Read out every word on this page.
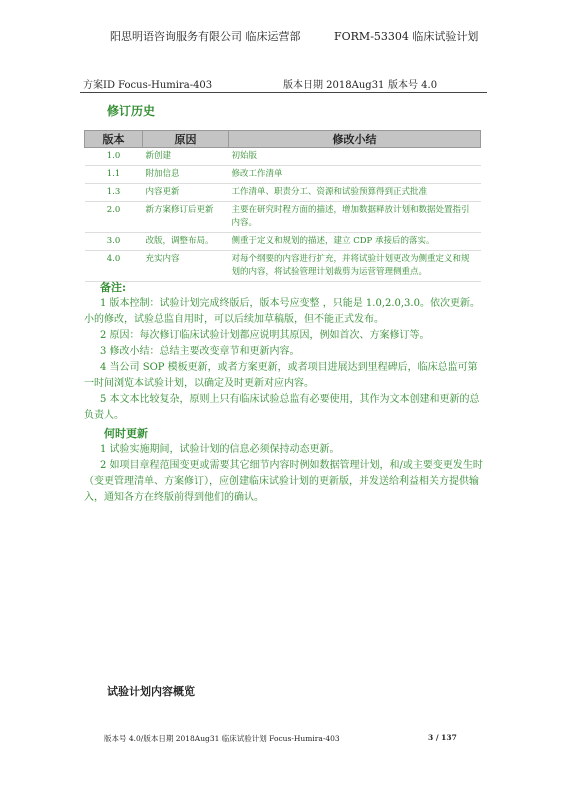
阳思明语咨询服务有限公司 临床运营部	FORM-53304 临床试验计划
方案ID Focus-Humira-403	版本日期 2018Aug31 版本号 4.0
修订历史
版本	原因	修改小结
1.0	新创建	初始版
1.1	附加信息	修改工作清单
1.3	内容更新	工作清单、职责分工、资源和试验预算得到正式批准
2.0	新方案修订后更新	主要在研究时程方面的描述，增加数据释放计划和数据处置指引内容。
3.0	改版，调整布局。	侧重于定义和规划的描述，建立 CDP 承接后的落实。
4.0	充实内容	对每个纲要的内容进行扩充，并将试验计划更改为侧重定义和规划的内容，将试验管理计划裁剪为运营管理侧重点。
备注:

1 版本控制：试验计划完成终版后，版本号应变整 ，只能是 1.0,2.0,3.0。依次更新。小的修改，试验总监自用时，可以后续加草稿版，但不能正式发布。

2 原因：每次修订临床试验计划都应说明其原因，例如首次、方案修订等。

3 修改小结：总结主要改变章节和更新内容。

4 当公司 SOP 模板更新，或者方案更新，或者项目进展达到里程碑后，临床总监可第一时间浏览本试验计划，以确定及时更新对应内容。

5 本文本比较复杂，原则上只有临床试验总监有必要使用，其作为文本创建和更新的总负责人。

何时更新

1 试验实施期间，试验计划的信息必须保持动态更新。

2 如项目章程范围变更或需要其它细节内容时例如数据管理计划，和/或主要变更发生时（变更管理清单、方案修订），应创建临床试验计划的更新版，并发送给利益相关方提供输入，通知各方在终版前得到他们的确认。

试验计划内容概览
版本号 4.0/版本日期 2018Aug31 临床试验计划 Focus-Humira-403	3 / 137
